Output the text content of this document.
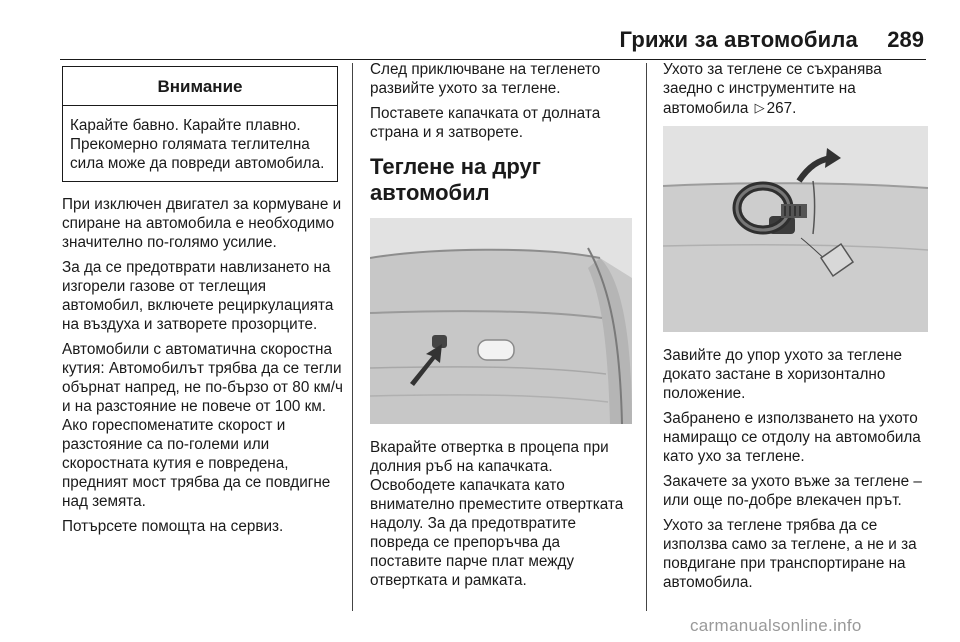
Грижи за автомобила 289
Внимание
Карайте бавно. Карайте плавно. Прекомерно голямата теглителна сила може да повреди автомобила.

При изключен двигател за кормуване и спиране на автомобила е необходимо значително по-голямо усилие.

За да се предотврати навлизането на изгорели газове от теглещия автомобил, включете рециркулацията на въздуха и затворете прозорците.

Автомобили с автоматична скоростна кутия: Автомобилът трябва да се тегли обърнат напред, не по-бързо от 80 км/ч и на разстояние не повече от 100 км. Ако гореспоменатите скорост и разстояние са по-големи или скоростната кутия е повредена, предният мост трябва да се повдигне над земята.

Потърсете помощта на сервиз.

След приключване на тегленето развийте ухото за теглене.

Поставете капачката от долната страна и я затворете.

Теглене на друг автомобил

Вкарайте отвертка в процепа при долния ръб на капачката. Освободете капачката като внимателно преместите отвертката надолу. За да предотвратите повреда се препоръчва да поставите парче плат между отвертката и рамката.

Ухото за теглене се съхранява заедно с инструментите на автомобила ▷ 267.

Завийте до упор ухото за теглене докато застане в хоризонтално положение.

Забранено е използването на ухото намиращо се отдолу на автомобила като ухо за теглене.

Закачете за ухото въже за теглене – или още по-добре влекачен прът.

Ухото за теглене трябва да се използва само за теглене, а не и за повдигане при транспортиране на автомобила.

carmanualsonline.info
